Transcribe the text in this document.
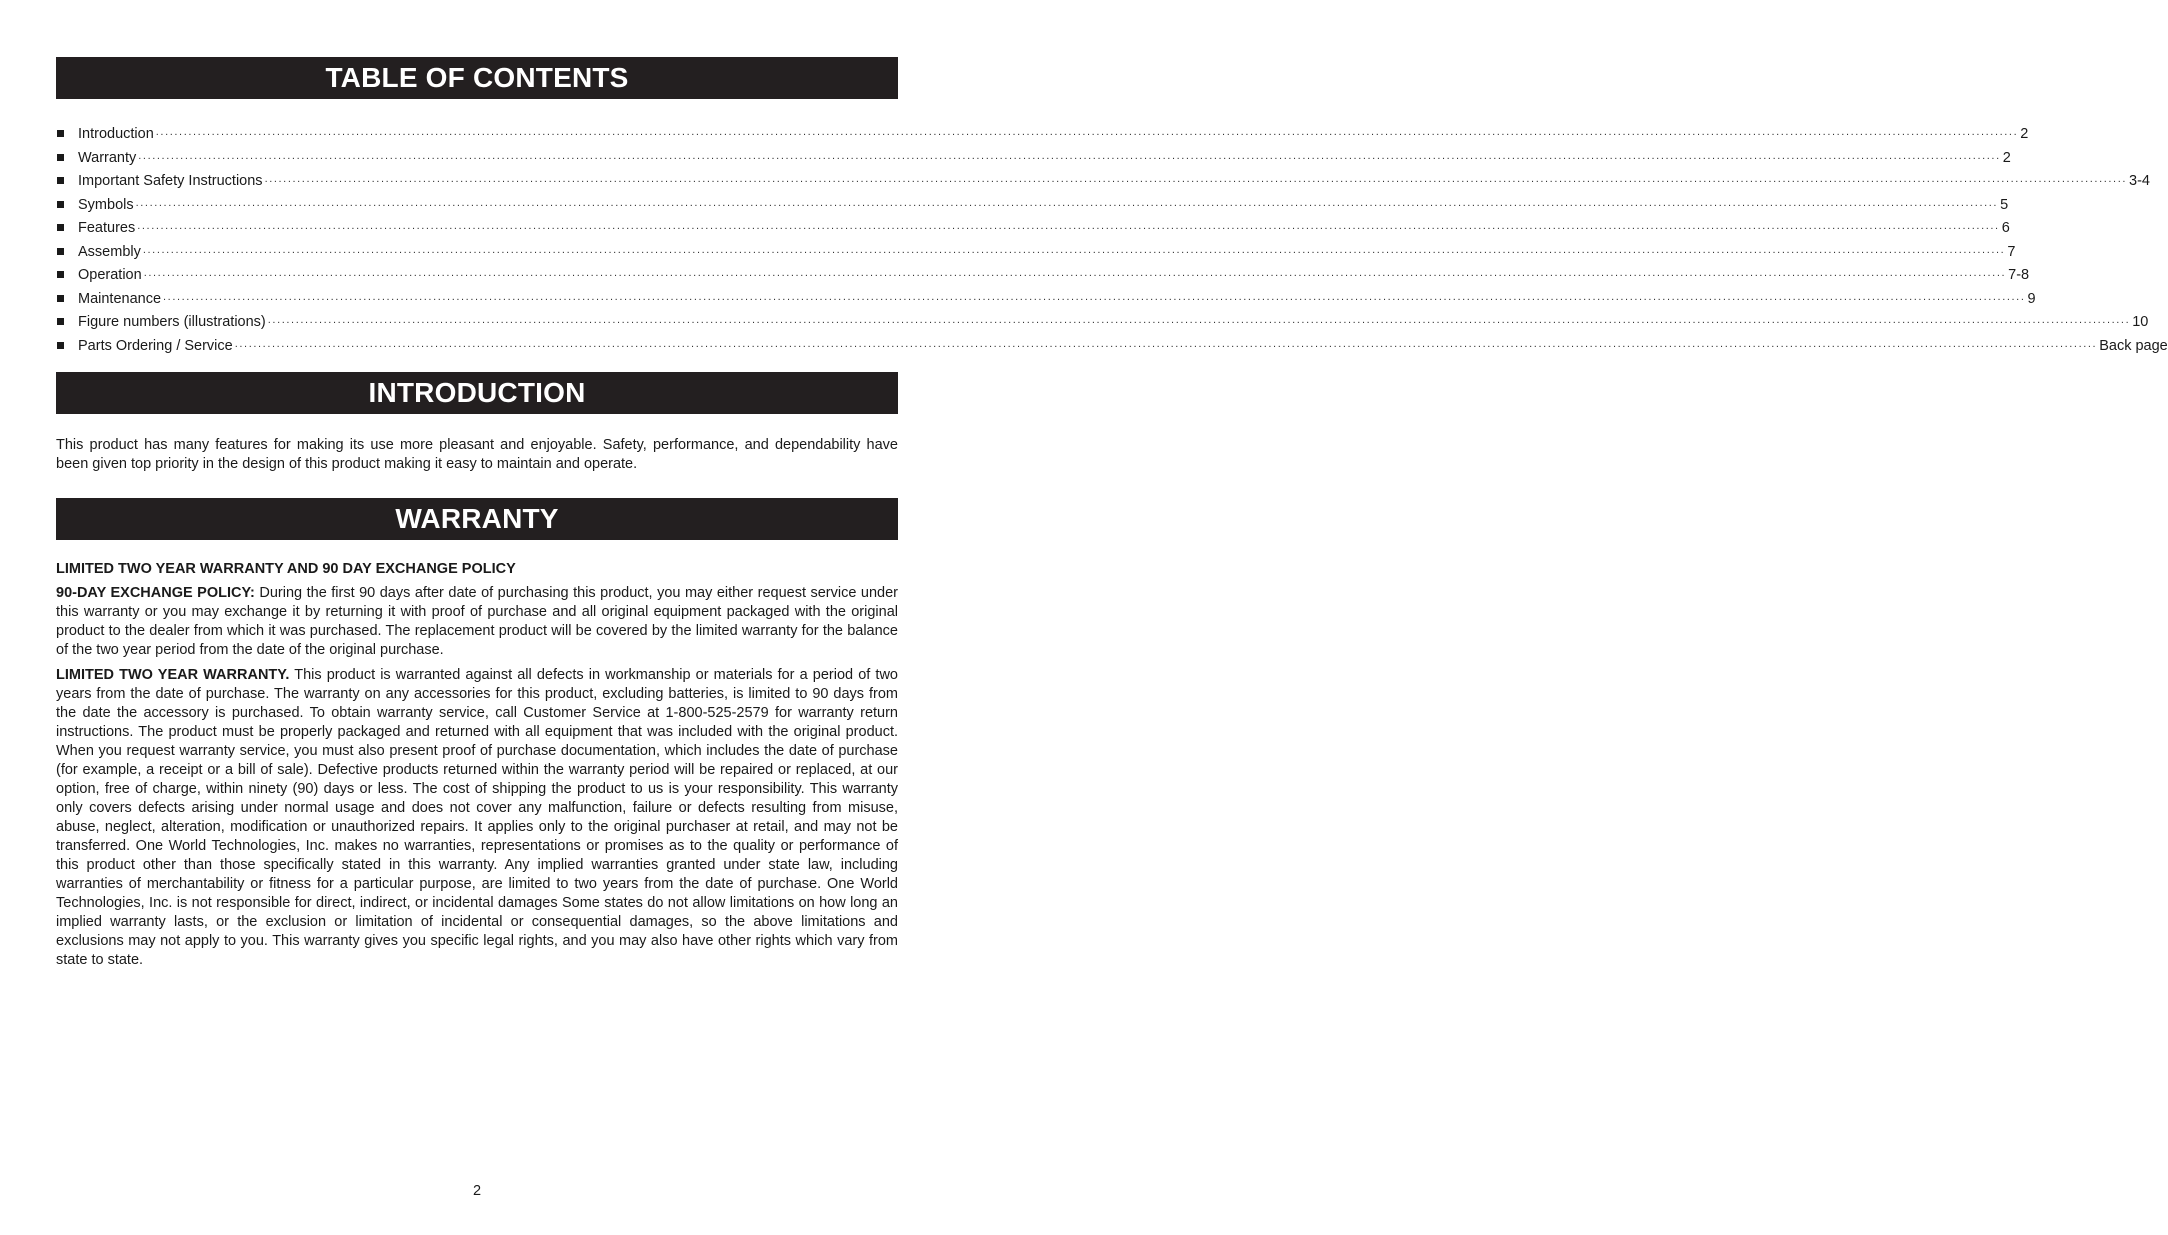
TABLE OF CONTENTS
Introduction ................................................................................................................................................................................................................................................................................................................................................................................................................ 2
Warranty ................................................................................................................................................................................................................................................................................................................................................................................................................ 2
Important Safety Instructions ................................................................................................................................................................................................................................................................................................................................................................................................................ 3-4
Symbols ................................................................................................................................................................................................................................................................................................................................................................................................................ 5
Features ................................................................................................................................................................................................................................................................................................................................................................................................................ 6
Assembly ................................................................................................................................................................................................................................................................................................................................................................................................................ 7
Operation ................................................................................................................................................................................................................................................................................................................................................................................................................ 7-8
Maintenance ................................................................................................................................................................................................................................................................................................................................................................................................................ 9
Figure numbers (illustrations) ................................................................................................................................................................................................................................................................................................................................................................................................................ 10
Parts Ordering / Service ................................................................................................................................................................................................................................................................................................................................................................................................................ Back page
INTRODUCTION

This product has many features for making its use more pleasant and enjoyable. Safety, performance, and dependability have been given top priority in the design of this product making it easy to maintain and operate.

WARRANTY
LIMITED TWO YEAR WARRANTY AND 90 DAY EXCHANGE POLICY

90-DAY EXCHANGE POLICY: During the first 90 days after date of purchasing this product, you may either request service under this warranty or you may exchange it by returning it with proof of purchase and all original equipment packaged with the original product to the dealer from which it was purchased. The replacement product will be covered by the limited warranty for the balance of the two year period from the date of the original purchase.

LIMITED TWO YEAR WARRANTY. This product is warranted against all defects in workmanship or materials for a period of two years from the date of purchase. The warranty on any accessories for this product, excluding batteries, is limited to 90 days from the date the accessory is purchased. To obtain warranty service, call Customer Service at 1-800-525-2579 for warranty return instructions. The product must be properly packaged and returned with all equipment that was included with the original product. When you request warranty service, you must also present proof of purchase documentation, which includes the date of purchase (for example, a receipt or a bill of sale). Defective products returned within the warranty period will be repaired or replaced, at our option, free of charge, within ninety (90) days or less. The cost of shipping the product to us is your responsibility. This warranty only covers defects arising under normal usage and does not cover any malfunction, failure or defects resulting from misuse, abuse, neglect, alteration, modification or unauthorized repairs. It applies only to the original purchaser at retail, and may not be transferred. One World Technologies, Inc. makes no warranties, representations or promises as to the quality or performance of this product other than those specifically stated in this warranty. Any implied warranties granted under state law, including warranties of merchantability or fitness for a particular purpose, are limited to two years from the date of purchase. One World Technologies, Inc. is not responsible for direct, indirect, or incidental damages Some states do not allow limitations on how long an implied warranty lasts, or the exclusion or limitation of incidental or consequential damages, so the above limitations and exclusions may not apply to you. This warranty gives you specific legal rights, and you may also have other rights which vary from state to state.

2
